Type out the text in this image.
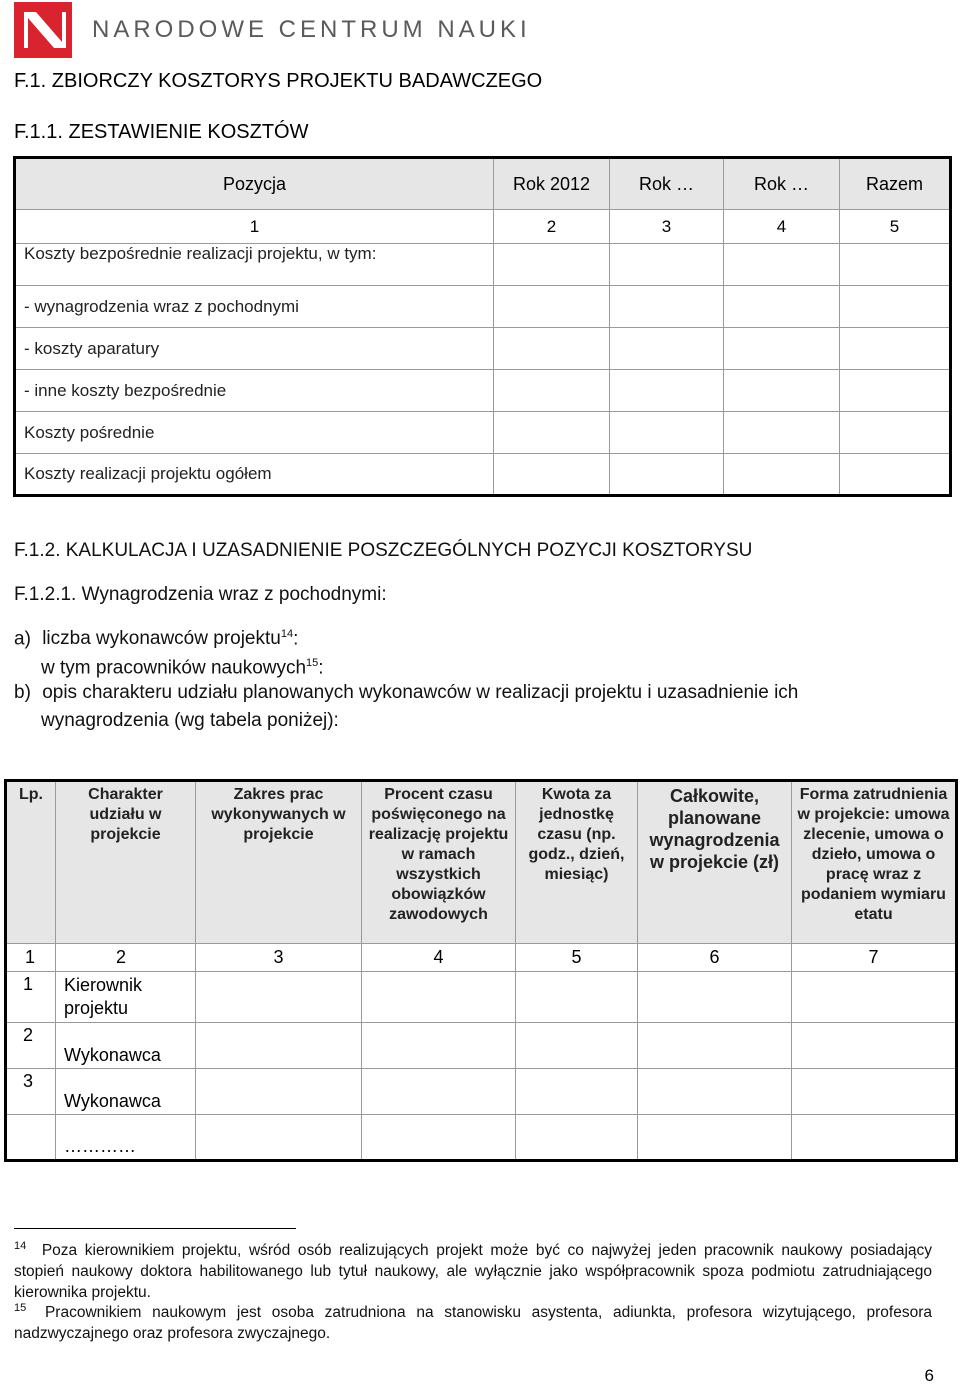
NARODOWE CENTRUM NAUKI
F.1. ZBIORCZY KOSZTORYS PROJEKTU BADAWCZEGO
F.1.1. ZESTAWIENIE KOSZTÓW
Pozycja	Rok 2012	Rok …	Rok …	Razem
1	2	3	4	5
Koszty bezpośrednie realizacji projektu, w tym:				
- wynagrodzenia wraz z pochodnymi				
- koszty aparatury				
- inne koszty bezpośrednie				
Koszty pośrednie				
Koszty realizacji projektu ogółem				
F.1.2. KALKULACJA I UZASADNIENIE POSZCZEGÓLNYCH POZYCJI KOSZTORYSU
F.1.2.1. Wynagrodzenia wraz z pochodnymi:
a) liczba wykonawców projektu$^{14}$:
w tym pracowników naukowych$^{15}$:
b) opis charakteru udziału planowanych wykonawców w realizacji projektu i uzasadnienie ich
wynagrodzenia (wg tabela poniżej):
Lp.	Charakter udziału w projekcie	Zakres prac wykonywanych w projekcie	Procent czasu poświęconego na realizację projektu w ramach wszystkich obowiązków zawodowych	Kwota za jednostkę czasu (np. godz., dzień, miesiąc)	Całkowite, planowane wynagrodzenia w projekcie (zł)	Forma zatrudnienia w projekcie: umowa zlecenie, umowa o dzieło, umowa o pracę wraz z podaniem wymiaru etatu
1	2	3	4	5	6	7
1	Kierownik projektu					
2	Wykonawca					
3	Wykonawca					
	…………					
$^{14}$ Poza kierownikiem projektu, wśród osób realizujących projekt może być co najwyżej jeden pracownik naukowy posiadający stopień naukowy doktora habilitowanego lub tytuł naukowy, ale wyłącznie jako współpracownik spoza podmiotu zatrudniającego kierownika projektu.
$^{15}$ Pracownikiem naukowym jest osoba zatrudniona na stanowisku asystenta, adiunkta, profesora wizytującego, profesora nadzwyczajnego oraz profesora zwyczajnego.
6
